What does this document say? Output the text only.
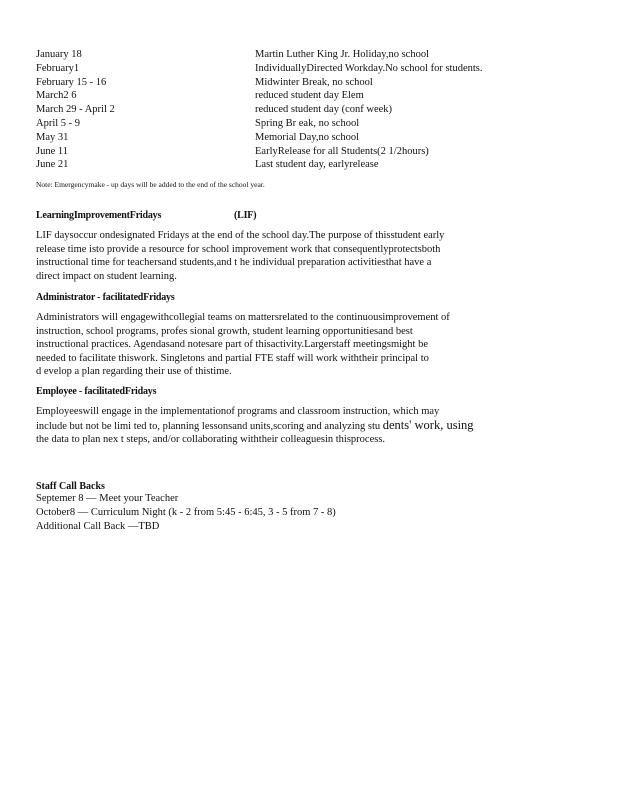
January 18	Martin Luther King Jr. Holiday,no school
February1	IndividuallyDirected Workday.No school for students.
February 15 - 16	Midwinter Break, no school
March2 6	reduced student day Elem
March 29 - April 2	reduced student day (conf week)
April 5 - 9	Spring Br eak, no school
May 31	Memorial Day,no school
June 11	EarlyRelease for all Students(2 1/2hours)
June 21	Last student day, earlyrelease
Note: Emergencymake - up days will be added to the end of the school year.
LearningImprovementFridays	(LIF)
LIF daysoccur ondesignated Fridays at the end of the school day.The purpose of thisstudent early
release time isto provide a resource for school improvement work that consequentlyprotectsboth
instructional time for teachersand students,and t he individual preparation activitiesthat have a
direct impact on student learning.
Administrator - facilitatedFridays
Administrators will engagewithcollegial teams on mattersrelated to the continuousimprovement of
instruction, school programs, profes sional growth, student learning opportunitiesand best
instructional practices. Agendasand notesare part of thisactivity.Largerstaff meetingsmight be
needed to facilitate thiswork. Singletons and partial FTE staff will work withtheir principal to
d evelop a plan regarding their use of thistime.
Employee - facilitatedFridays
Employeeswill engage in the implementationof programs and classroom instruction, which may
include but not be limi ted to, planning lessonsand units,scoring and analyzing stu dents' work, using
the data to plan nex t steps, and/or collaborating withtheir colleaguesin thisprocess.
Staff Call Backs
Septemer 8 — Meet your Teacher
October8 — Curriculum Night (k - 2 from 5:45 - 6:45, 3 - 5 from 7 - 8)
Additional Call Back —TBD
